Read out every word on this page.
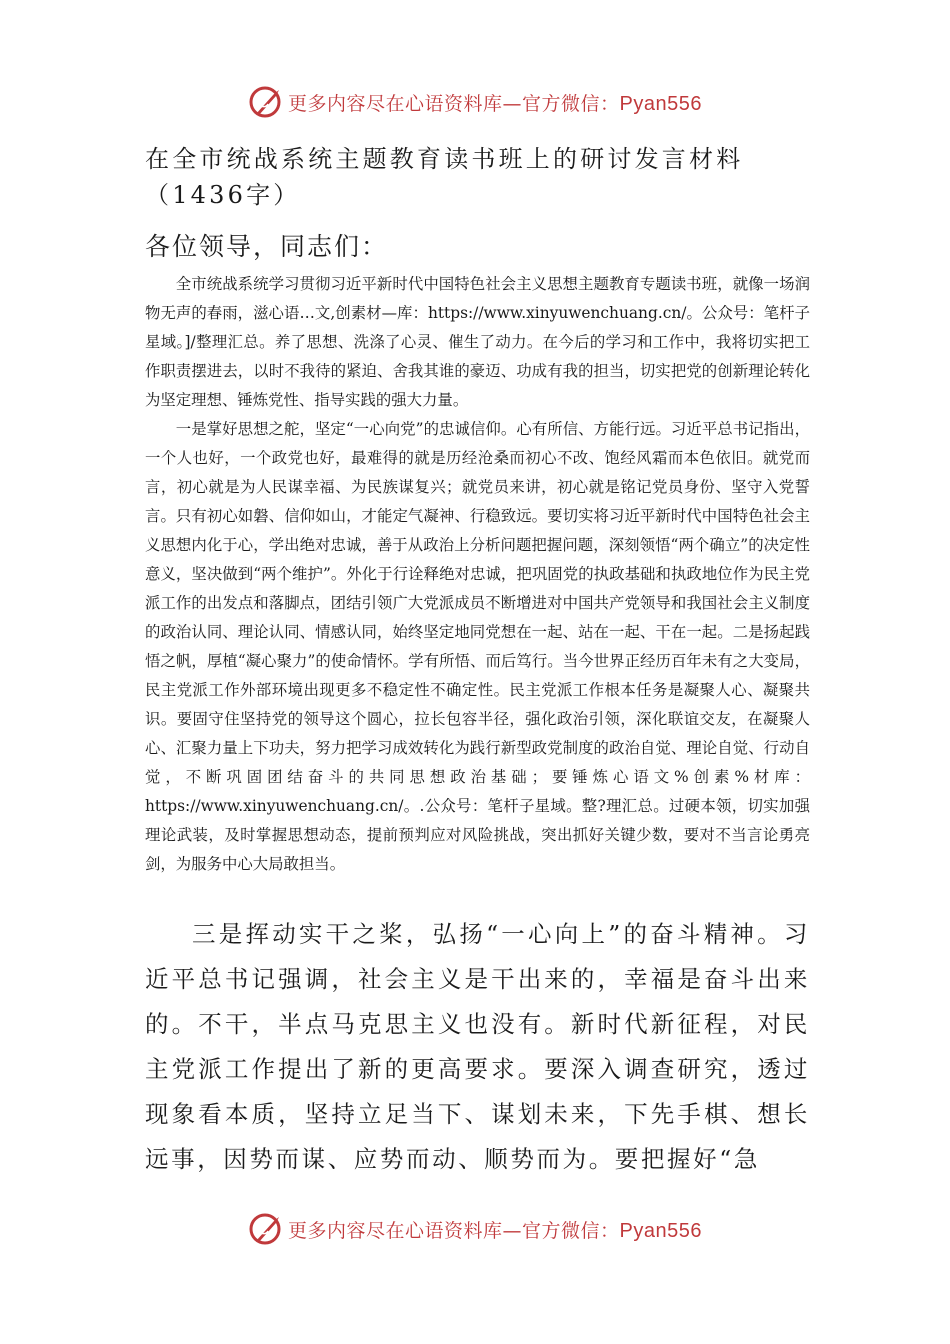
更多内容尽在心语资料库—官方微信：Pyan556
在全市统战系统主题教育读书班上的研讨发言材料（1436字）
各位领导，同志们：

全市统战系统学习贯彻习近平新时代中国特色社会主义思想主题教育专题读书班，就像一场润物无声的春雨，滋心语…文,创素材—库：https://www.xinyuwenchuang.cn/。公众号：笔杆子星域。]/整理汇总。养了思想、洗涤了心灵、催生了动力。在今后的学习和工作中，我将切实把工作职责摆进去，以时不我待的紧迫、舍我其谁的豪迈、功成有我的担当，切实把党的创新理论转化为坚定理想、锤炼党性、指导实践的强大力量。

一是掌好思想之舵，坚定“一心向党”的忠诚信仰。心有所信、方能行远。习近平总书记指出，一个人也好，一个政党也好，最难得的就是历经沧桑而初心不改、饱经风霜而本色依旧。就党而言，初心就是为人民谋幸福、为民族谋复兴；就党员来讲，初心就是铭记党员身份、坚守入党誓言。只有初心如磐、信仰如山，才能定气凝神、行稳致远。要切实将习近平新时代中国特色社会主义思想内化于心，学出绝对忠诚，善于从政治上分析问题把握问题，深刻领悟“两个确立”的决定性意义，坚决做到“两个维护”。外化于行诠释绝对忠诚，把巩固党的执政基础和执政地位作为民主党派工作的出发点和落脚点，团结引领广大党派成员不断增进对中国共产党领导和我国社会主义制度的政治认同、理论认同、情感认同，始终坚定地同党想在一起、站在一起、干在一起。二是扬起践悟之帆，厚植“凝心聚力”的使命情怀。学有所悟、而后笃行。当今世界正经历百年未有之大变局，民主党派工作外部环境出现更多不稳定性不确定性。民主党派工作根本任务是凝聚人心、凝聚共识。要固守住坚持党的领导这个圆心，拉长包容半径，强化政治引领，深化联谊交友，在凝聚人心、汇聚力量上下功夫，努力把学习成效转化为践行新型政党制度的政治自觉、理论自觉、行动自觉，不断巩固团结奋斗的共同思想政治基础；要锤炼心语文%创素%材库：https://www.xinyuwenchuang.cn/。.公众号：笔杆子星域。整?理汇总。过硬本领，切实加强理论武装，及时掌握思想动态，提前预判应对风险挑战，突出抓好关键少数，要对不当言论勇亮剑，为服务中心大局敢担当。

三是挥动实干之桨，弘扬“一心向上”的奋斗精神。习近平总书记强调，社会主义是干出来的，幸福是奋斗出来的。不干，半点马克思主义也没有。新时代新征程，对民主党派工作提出了新的更高要求。要深入调查研究，透过现象看本质，坚持立足当下、谋划未来，下先手棋、想长远事，因势而谋、应势而动、顺势而为。要把握好“急

更多内容尽在心语资料库—官方微信：Pyan556
